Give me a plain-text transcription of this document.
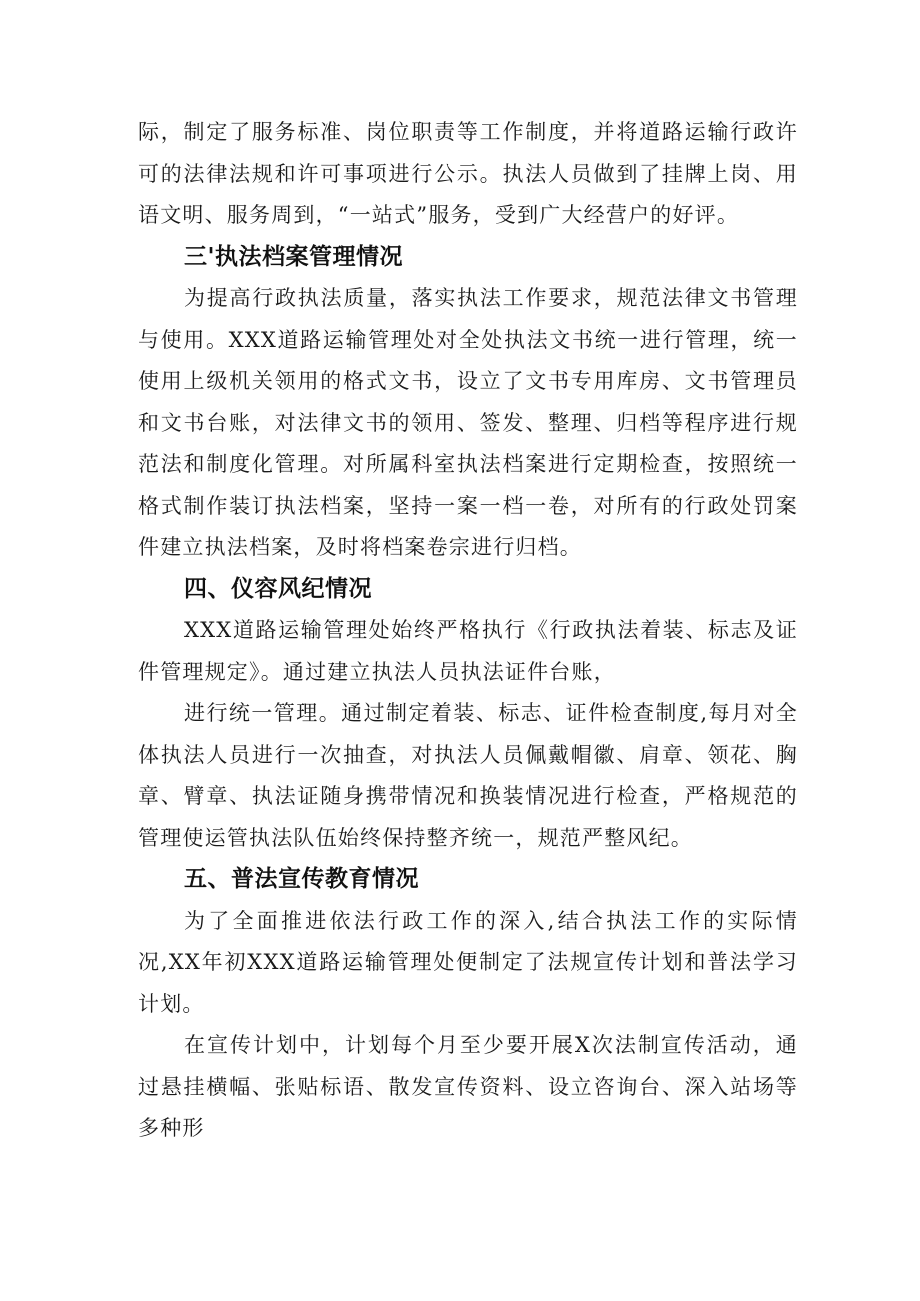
际，制定了服务标准、岗位职责等工作制度，并将道路运输行政许可的法律法规和许可事项进行公示。执法人员做到了挂牌上岗、用语文明、服务周到，“一站式”服务，受到广大经营户的好评。

三'执法档案管理情况

为提高行政执法质量，落实执法工作要求，规范法律文书管理与使用。XXX道路运输管理处对全处执法文书统一进行管理，统一使用上级机关领用的格式文书，设立了文书专用库房、文书管理员和文书台账，对法律文书的领用、签发、整理、归档等程序进行规范法和制度化管理。对所属科室执法档案进行定期检查，按照统一格式制作装订执法档案，坚持一案一档一卷，对所有的行政处罚案件建立执法档案，及时将档案卷宗进行归档。

四、仪容风纪情况

XXX道路运输管理处始终严格执行《行政执法着装、标志及证件管理规定》。通过建立执法人员执法证件台账，

进行统一管理。通过制定着装、标志、证件检查制度,每月对全体执法人员进行一次抽查，对执法人员佩戴帽徽、肩章、领花、胸章、臂章、执法证随身携带情况和换装情况进行检查，严格规范的管理使运管执法队伍始终保持整齐统一，规范严整风纪。

五、普法宣传教育情况

为了全面推进依法行政工作的深入,结合执法工作的实际情况,XX年初XXX道路运输管理处便制定了法规宣传计划和普法学习计划。

在宣传计划中，计划每个月至少要开展X次法制宣传活动，通过悬挂横幅、张贴标语、散发宣传资料、设立咨询台、深入站场等多种形
